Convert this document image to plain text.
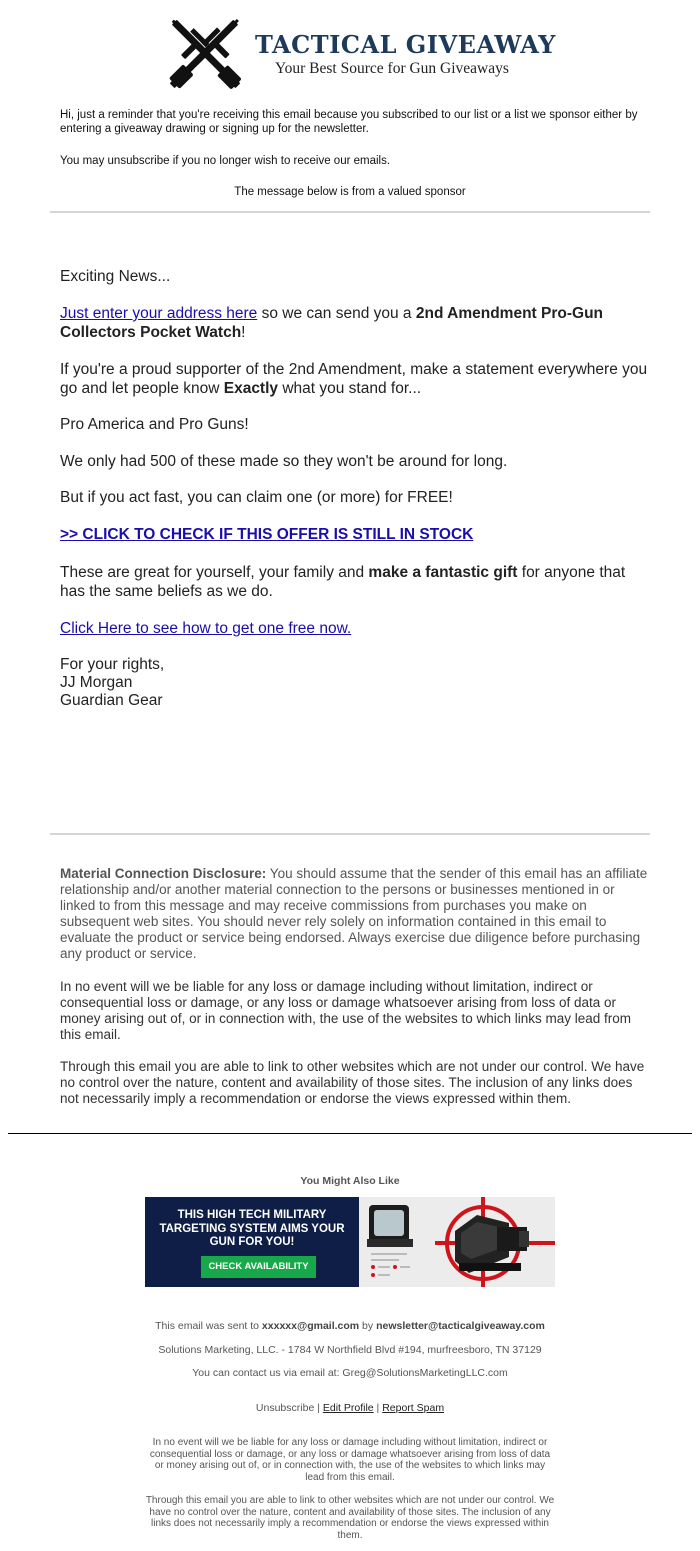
TACTICAL GIVEAWAY
Your Best Source for Gun Giveaways
Hi, just a reminder that you're receiving this email because you subscribed to our list or a list we sponsor either by entering a giveaway drawing or signing up for the newsletter.
You may unsubscribe if you no longer wish to receive our emails.
The message below is from a valued sponsor
Exciting News...
Just enter your address here so we can send you a 2nd Amendment Pro-Gun Collectors Pocket Watch!
If you're a proud supporter of the 2nd Amendment, make a statement everywhere you go and let people know Exactly what you stand for...
Pro America and Pro Guns!
We only had 500 of these made so they won't be around for long.
But if you act fast, you can claim one (or more) for FREE!
>> CLICK TO CHECK IF THIS OFFER IS STILL IN STOCK
These are great for yourself, your family and make a fantastic gift for anyone that has the same beliefs as we do.
Click Here to see how to get one free now.
For your rights,
JJ Morgan
Guardian Gear
Material Connection Disclosure: You should assume that the sender of this email has an affiliate relationship and/or another material connection to the persons or businesses mentioned in or linked to from this message and may receive commissions from purchases you make on subsequent web sites. You should never rely solely on information contained in this email to evaluate the product or service being endorsed. Always exercise due diligence before purchasing any product or service.
In no event will we be liable for any loss or damage including without limitation, indirect or consequential loss or damage, or any loss or damage whatsoever arising from loss of data or money arising out of, or in connection with, the use of the websites to which links may lead from this email.
Through this email you are able to link to other websites which are not under our control. We have no control over the nature, content and availability of those sites. The inclusion of any links does not necessarily imply a recommendation or endorse the views expressed within them.
You Might Also Like
THIS HIGH TECH MILITARY TARGETING SYSTEM AIMS YOUR GUN FOR YOU!
CHECK AVAILABILITY
This email was sent to xxxxxx@gmail.com by newsletter@tacticalgiveaway.com
Solutions Marketing, LLC. - 1784 W Northfield Blvd #194, murfreesboro, TN 37129
You can contact us via email at: Greg@SolutionsMarketingLLC.com
Unsubscribe | Edit Profile | Report Spam
In no event will we be liable for any loss or damage including without limitation, indirect or consequential loss or damage, or any loss or damage whatsoever arising from loss of data or money arising out of, or in connection with, the use of the websites to which links may lead from this email.
Through this email you are able to link to other websites which are not under our control. We have no control over the nature, content and availability of those sites. The inclusion of any links does not necessarily imply a recommendation or endorse the views expressed within them.
